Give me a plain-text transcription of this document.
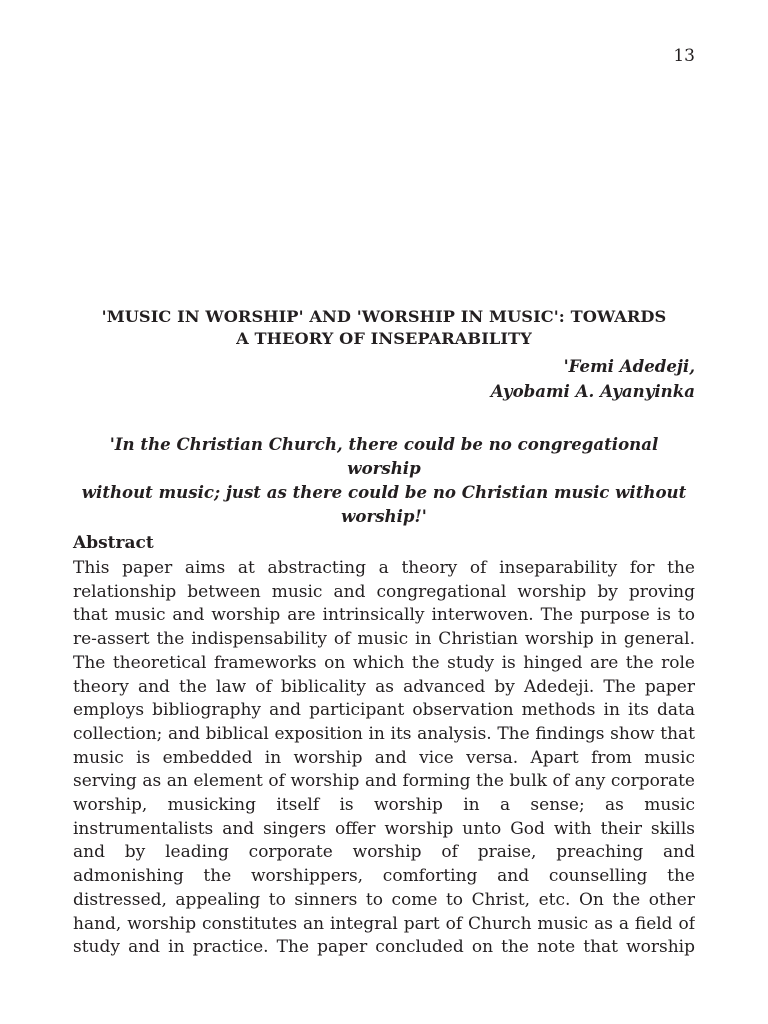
13
'MUSIC IN WORSHIP' AND 'WORSHIP IN MUSIC': TOWARDS
A THEORY OF INSEPARABILITY
'Femi Adedeji,
Ayobami A. Ayanyinka
'In the Christian Church, there could be no congregational worship
without music; just as there could be no Christian music without
worship!'
Abstract
This paper aims at abstracting a theory of inseparability for the
relationship between music and congregational worship by proving
that music and worship are intrinsically interwoven. The purpose is to
re-assert the indispensability of music in Christian worship in general.
The theoretical frameworks on which the study is hinged are the role
theory and the law of biblicality as advanced by Adedeji. The paper
employs bibliography and participant observation methods in its data
collection; and biblical exposition in its analysis. The findings show that
music is embedded in worship and vice versa. Apart from music
serving as an element of worship and forming the bulk of any corporate
worship, musicking itself is worship in a sense; as music
instrumentalists and singers offer worship unto God with their skills
and by leading corporate worship of praise, preaching and
admonishing the worshippers, comforting and counselling the
distressed, appealing to sinners to come to Christ, etc. On the other
hand, worship constitutes an integral part of Church music as a field of
study and in practice. The paper concluded on the note that worship
